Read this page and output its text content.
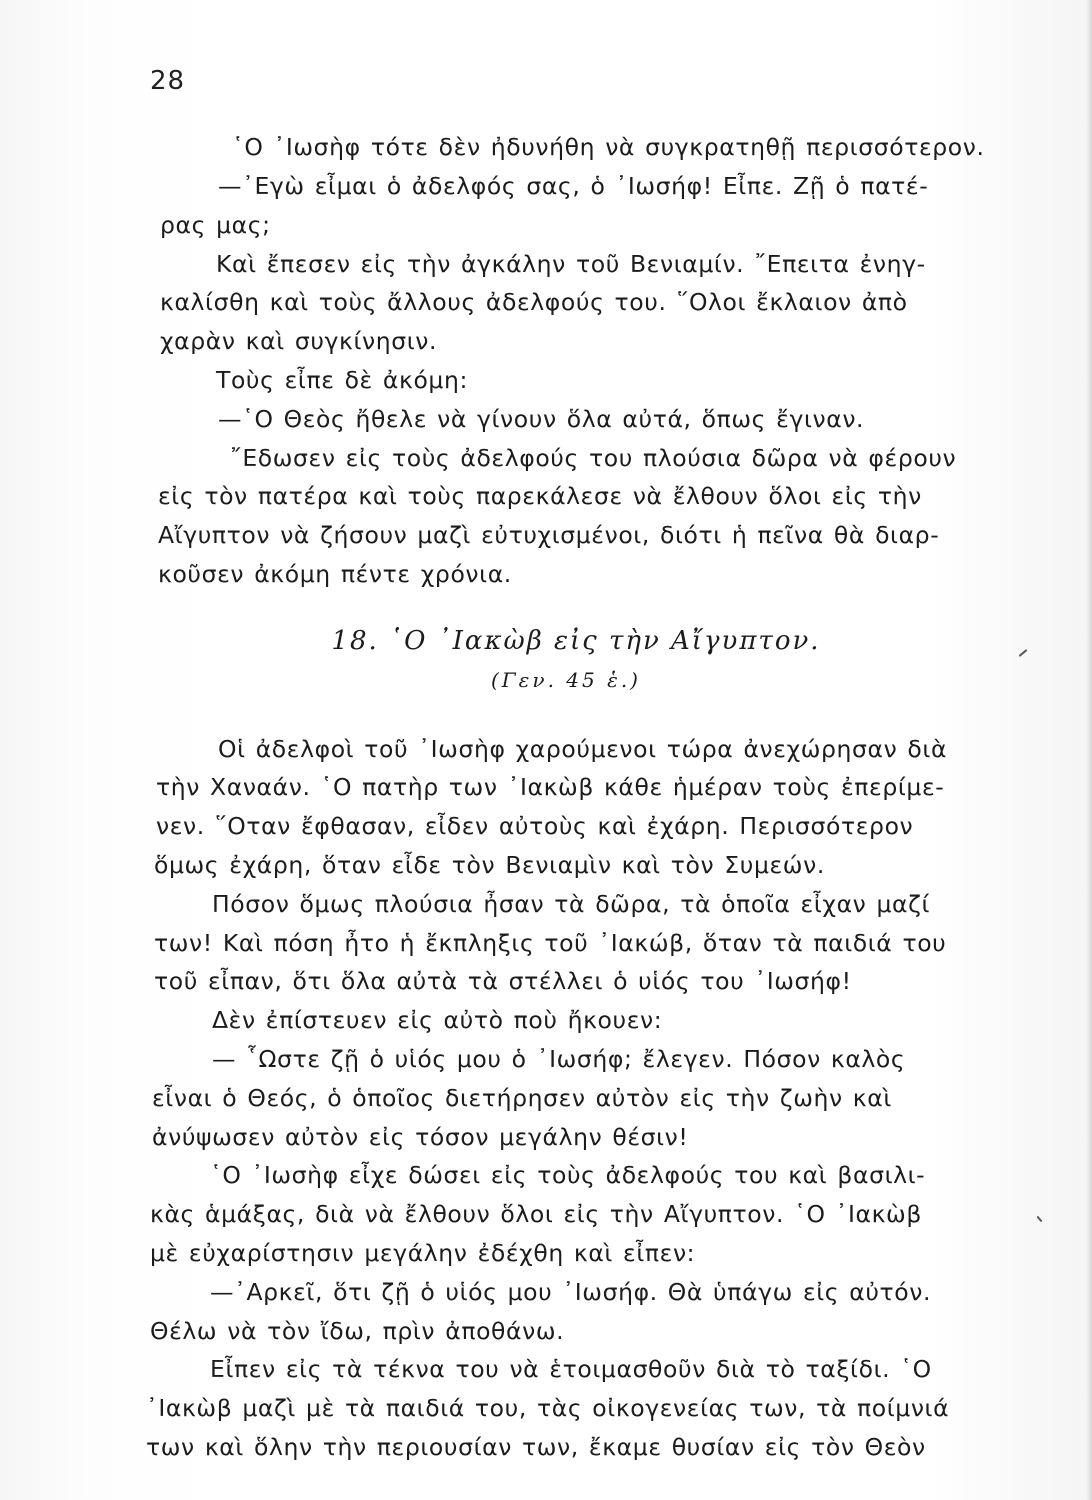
28
῾Ο ᾿Ιωσὴφ τότε δὲν ἠδυνήθη νὰ συγκρατηθῇ περισσότερον.
—᾿Εγὼ εἶμαι ὁ ἀδελφός σας, ὁ ᾿Ιωσήφ! Εἶπε. Ζῇ ὁ πατέ-
ρας μας;
Καὶ ἔπεσεν εἰς τὴν ἀγκάλην τοῦ Βενιαμίν. ῎Επειτα ἐνηγ-
καλίσθη καὶ τοὺς ἄλλους ἀδελφούς του. ῞Ολοι ἔκλαιον ἀπὸ
χαρὰν καὶ συγκίνησιν.
Τοὺς εἶπε δὲ ἀκόμη:
—῾Ο Θεὸς ἤθελε νὰ γίνουν ὅλα αὐτά, ὅπως ἔγιναν.
῎Εδωσεν εἰς τοὺς ἀδελφούς του πλούσια δῶρα νὰ φέρουν
εἰς τὸν πατέρα καὶ τοὺς παρεκάλεσε νὰ ἔλθουν ὅλοι εἰς τὴν
Αἴγυπτον νὰ ζήσουν μαζὶ εὐτυχισμένοι, διότι ἡ πεῖνα θὰ διαρ-
κοῦσεν ἀκόμη πέντε χρόνια.
18. ῾Ο ᾿Ιακὼβ εἰς τὴν Αἴγυπτον.
(Γεν. 45 ἑ.)
Οἱ ἀδελφοὶ τοῦ ᾿Ιωσὴφ χαρούμενοι τώρα ἀνεχώρησαν διὰ
τὴν Χαναάν. ῾Ο πατὴρ των ᾿Ιακὼβ κάθε ἡμέραν τοὺς ἐπερίμε-
νεν. ῞Οταν ἔφθασαν, εἶδεν αὐτοὺς καὶ ἐχάρη. Περισσότερον
ὅμως ἐχάρη, ὅταν εἶδε τὸν Βενιαμὶν καὶ τὸν Συμεών.
Πόσον ὅμως πλούσια ἦσαν τὰ δῶρα, τὰ ὁποῖα εἶχαν μαζί
των! Καὶ πόση ἦτο ἡ ἔκπληξις τοῦ ᾿Ιακώβ, ὅταν τὰ παιδιά του
τοῦ εἶπαν, ὅτι ὅλα αὐτὰ τὰ στέλλει ὁ υἱός του ᾿Ιωσήφ!
Δὲν ἐπίστευεν εἰς αὐτὸ ποὺ ἤκουεν:
— ῟Ωστε ζῇ ὁ υἱός μου ὁ ᾿Ιωσήφ; ἔλεγεν. Πόσον καλὸς
εἶναι ὁ Θεός, ὁ ὁποῖος διετήρησεν αὐτὸν εἰς τὴν ζωὴν καὶ
ἀνύψωσεν αὐτὸν εἰς τόσον μεγάλην θέσιν!
῾Ο ᾿Ιωσὴφ εἶχε δώσει εἰς τοὺς ἀδελφούς του καὶ βασιλι-
κὰς ἁμάξας, διὰ νὰ ἔλθουν ὅλοι εἰς τὴν Αἴγυπτον. ῾Ο ᾿Ιακὼβ
μὲ εὐχαρίστησιν μεγάλην ἐδέχθη καὶ εἶπεν:
—᾿Αρκεῖ, ὅτι ζῇ ὁ υἱός μου ᾿Ιωσήφ. Θὰ ὑπάγω εἰς αὐτόν.
Θέλω νὰ τὸν ἴδω, πρὶν ἀποθάνω.
Εἶπεν εἰς τὰ τέκνα του νὰ ἑτοιμασθοῦν διὰ τὸ ταξίδι. ῾Ο
᾿Ιακὼβ μαζὶ μὲ τὰ παιδιά του, τὰς οἰκογενείας των, τὰ ποίμνιά
των καὶ ὅλην τὴν περιουσίαν των, ἔκαμε θυσίαν εἰς τὸν Θεὸν
